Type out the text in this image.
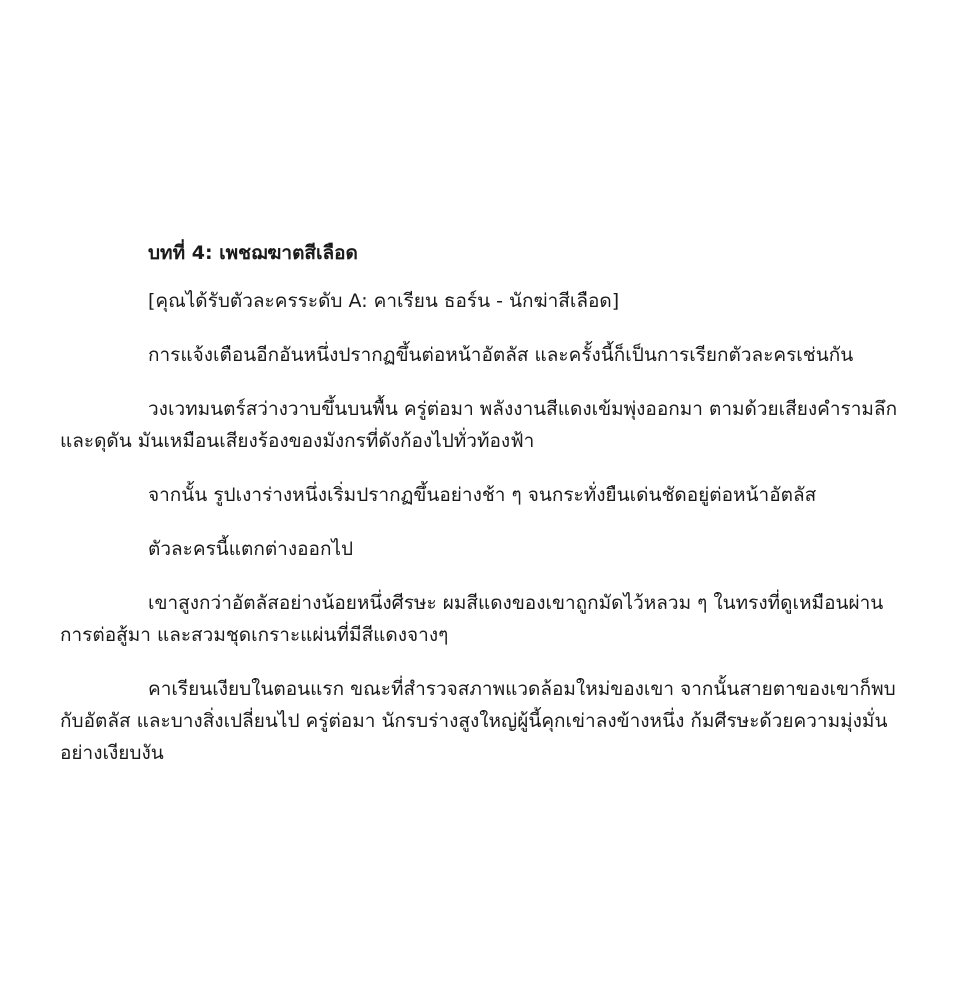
บทที่ 4: เพชฌฆาตสีเลือด

[คุณได้รับตัวละครระดับ A: คาเรียน ธอร์น - นักฆ่าสีเลือด]

การแจ้งเตือนอีกอันหนึ่งปรากฏขึ้นต่อหน้าอัตลัส และครั้งนี้ก็เป็นการเรียกตัวละครเช่นกัน

วงเวทมนตร์สว่างวาบขึ้นบนพื้น ครู่ต่อมา พลังงานสีแดงเข้มพุ่งออกมา ตามด้วยเสียงคำรามลึกและดุดัน มันเหมือนเสียงร้องของมังกรที่ดังก้องไปทั่วท้องฟ้า

จากนั้น รูปเงาร่างหนึ่งเริ่มปรากฏขึ้นอย่างช้า ๆ จนกระทั่งยืนเด่นชัดอยู่ต่อหน้าอัตลัส

ตัวละครนี้แตกต่างออกไป

เขาสูงกว่าอัตลัสอย่างน้อยหนึ่งศีรษะ ผมสีแดงของเขาถูกมัดไว้หลวม ๆ ในทรงที่ดูเหมือนผ่านการต่อสู้มา และสวมชุดเกราะแผ่นที่มีสีแดงจางๆ

คาเรียนเงียบในตอนแรก ขณะที่สำรวจสภาพแวดล้อมใหม่ของเขา จากนั้นสายตาของเขาก็พบกับอัตลัส และบางสิ่งเปลี่ยนไป ครู่ต่อมา นักรบร่างสูงใหญ่ผู้นี้คุกเข่าลงข้างหนึ่ง ก้มศีรษะด้วยความมุ่งมั่นอย่างเงียบงัน
